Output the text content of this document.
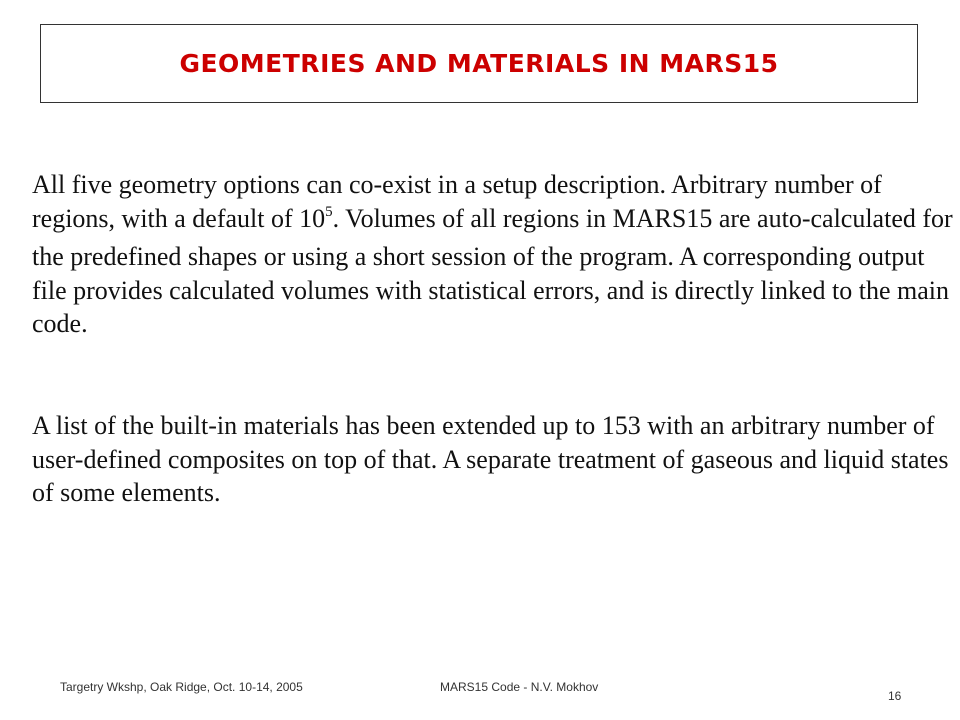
GEOMETRIES AND MATERIALS IN MARS15

All five geometry options can co-exist in a setup description. Arbitrary number of regions, with a default of $10^5$. Volumes of all regions in MARS15 are auto-calculated for the predefined shapes or using a short session of the program. A corresponding output file provides calculated volumes with statistical errors, and is directly linked to the main code.

A list of the built-in materials has been extended up to 153 with an arbitrary number of user-defined composites on top of that. A separate treatment of gaseous and liquid states of some elements.

Targetry Wkshp, Oak Ridge, Oct. 10-14, 2005	MARS15 Code - N.V. Mokhov
16
